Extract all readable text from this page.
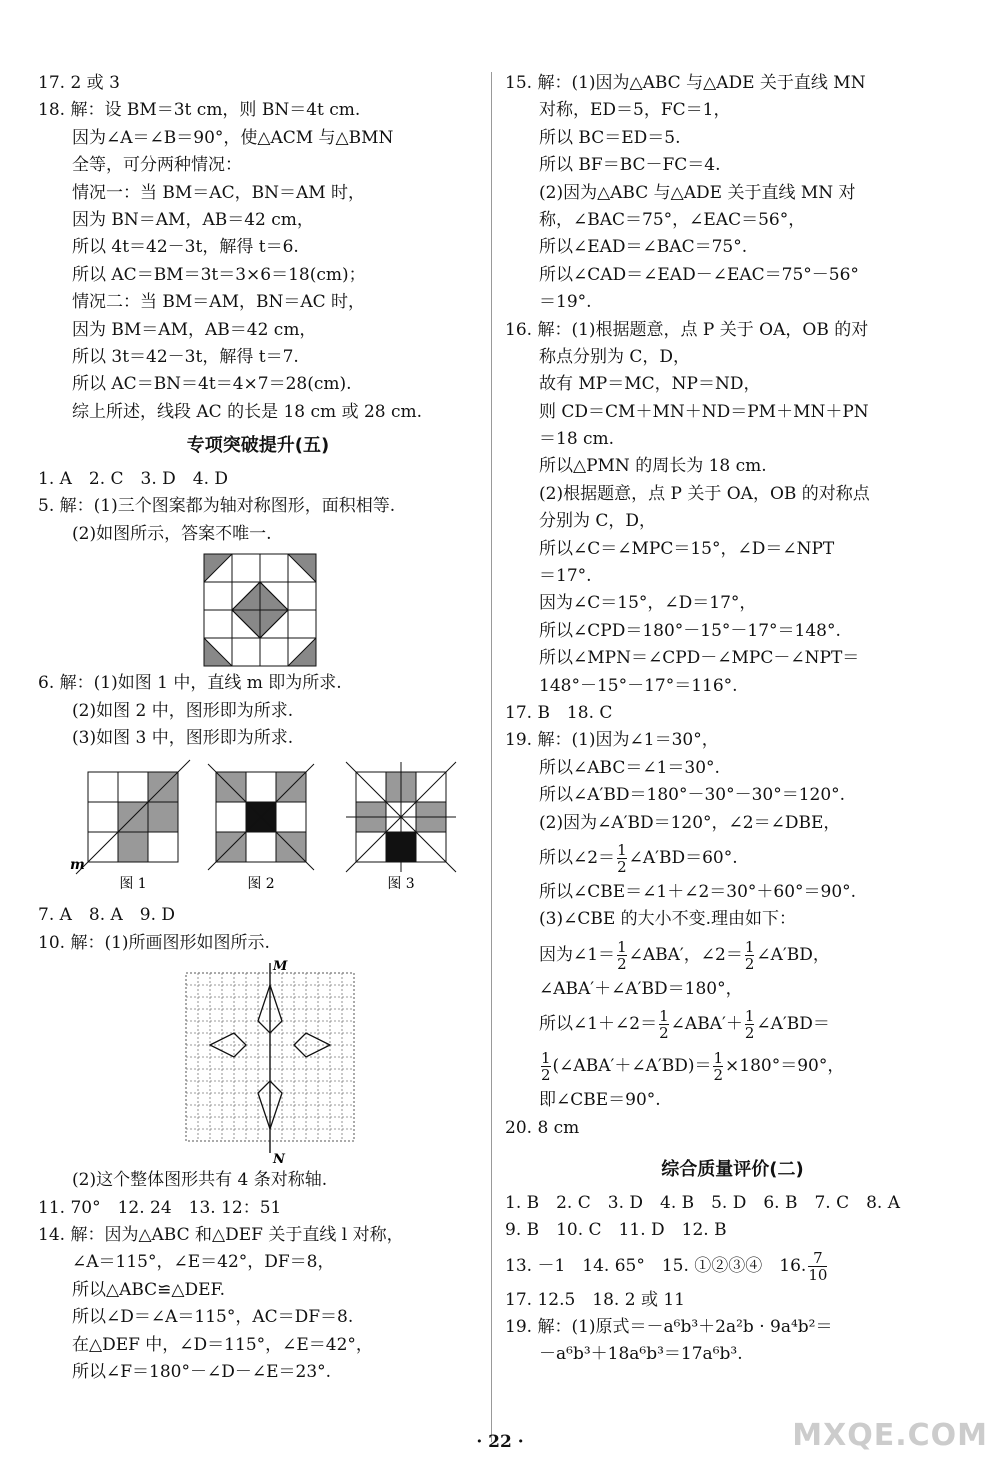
17. 2 或 3
18. 解：设 BM＝3t cm，则 BN＝4t cm.
因为∠A＝∠B＝90°，使△ACM 与△BMN
全等，可分两种情况：
情况一：当 BM＝AC，BN＝AM 时，
因为 BN＝AM，AB＝42 cm，
所以 4t＝42－3t，解得 t＝6.
所以 AC＝BM＝3t＝3×6＝18(cm)；
情况二：当 BM＝AM，BN＝AC 时，
因为 BM＝AM，AB＝42 cm，
所以 3t＝42－3t，解得 t＝7.
所以 AC＝BN＝4t＝4×7＝28(cm).
综上所述，线段 AC 的长是 18 cm 或 28 cm.
专项突破提升(五)
1. A　2. C　3. D　4. D
5. 解：(1)三个图案都为轴对称图形，面积相等.
(2)如图所示，答案不唯一.
6. 解：(1)如图 1 中，直线 m 即为所求.
(2)如图 2 中，图形即为所求.
(3)如图 3 中，图形即为所求.
m
图 1	图 2	图 3
7. A　8. A　9. D
10. 解：(1)所画图形如图所示.
M
N
(2)这个整体图形共有 4 条对称轴.
11. 70°　12. 24　13. 12：51
14. 解：因为△ABC 和△DEF 关于直线 l 对称，
∠A＝115°，∠E＝42°，DF＝8，
所以△ABC≌△DEF.
所以∠D＝∠A＝115°，AC＝DF＝8.
在△DEF 中，∠D＝115°，∠E＝42°，
所以∠F＝180°－∠D－∠E＝23°.
15. 解：(1)因为△ABC 与△ADE 关于直线 MN
对称，ED＝5，FC＝1，
所以 BC＝ED＝5.
所以 BF＝BC－FC＝4.
(2)因为△ABC 与△ADE 关于直线 MN 对
称，∠BAC＝75°，∠EAC＝56°，
所以∠EAD＝∠BAC＝75°.
所以∠CAD＝∠EAD－∠EAC＝75°－56°
＝19°.
16. 解：(1)根据题意，点 P 关于 OA，OB 的对
称点分别为 C，D，
故有 MP＝MC，NP＝ND，
则 CD＝CM＋MN＋ND＝PM＋MN＋PN
＝18 cm.
所以△PMN 的周长为 18 cm.
(2)根据题意，点 P 关于 OA，OB 的对称点
分别为 C，D，
所以∠C＝∠MPC＝15°，∠D＝∠NPT
＝17°.
因为∠C＝15°，∠D＝17°，
所以∠CPD＝180°－15°－17°＝148°.
所以∠MPN＝∠CPD－∠MPC－∠NPT＝
148°－15°－17°＝116°.
17. B　18. C
19. 解：(1)因为∠1＝30°，
所以∠ABC＝∠1＝30°.
所以∠A′BD＝180°－30°－30°＝120°.
(2)因为∠A′BD＝120°，∠2＝∠DBE，
所以∠2＝ $\frac{1}{2}$ ∠A′BD＝60°.
所以∠CBE＝∠1＋∠2＝30°＋60°＝90°.
(3)∠CBE 的大小不变.理由如下：
因为∠1＝ $\frac{1}{2}$ ∠ABA′，∠2＝ $\frac{1}{2}$ ∠A′BD，
∠ABA′＋∠A′BD＝180°，
所以∠1＋∠2＝ $\frac{1}{2}$ ∠ABA′＋ $\frac{1}{2}$ ∠A′BD＝
$\frac{1}{2}$ (∠ABA′＋∠A′BD)＝ $\frac{1}{2} \times 180^\circ=90^\circ$，
即∠CBE＝90°.
20. 8 cm
综合质量评价(二)
1. B　2. C　3. D　4. B　5. D　6. B　7. C　8. A
9. B　10. C　11. D　12. B
13. －1　14. 65°　15. ①②③④　16. $\frac{7}{10}$
17. 12.5　18. 2 或 11
19. 解：(1)原式＝－a⁶b³＋2a²b · 9a⁴b²＝
－a⁶b³＋18a⁶b³＝17a⁶b³.
· 22 ·	MXQE.COM
